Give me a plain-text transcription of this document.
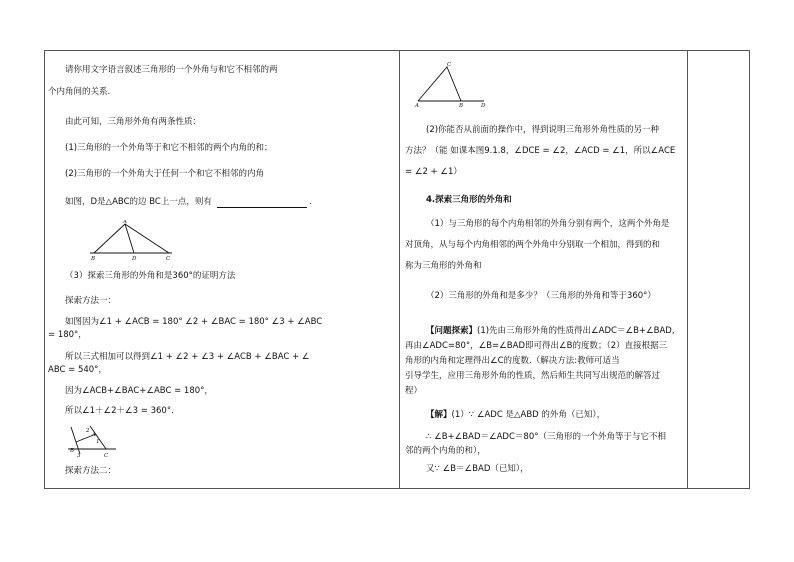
请你用文字语言叙述三角形的一个外角与和它不相邻的两
个内角间的关系.
由此可知，三角形外角有两条性质：
(1)三角形的一个外角等于和它不相邻的两个内角的和；
(2)三角形的一个外角大于任何一个和它不相邻的内角
如图，D是△ABC的边 BC上一点，则有	.
A
B	D	C
（3）探索三角形的外角和是360°的证明方法
探索方法一：
如图因为∠1 + ∠ACB = 180° ∠2 + ∠BAC = 180° ∠3 + ∠ABC
= 180°，
所以三式相加可以得到∠1 + ∠2 + ∠3 + ∠ACB + ∠BAC + ∠
ABC = 540°，
因为∠ACB+∠BAC+∠ABC = 180°，
所以∠1＋∠2＋∠3 = 360°.
2
A
1
B
3	C
探索方法二：
C
A	B	D
(2)你能否从前面的操作中，得到说明三角形外角性质的另一种
方法？（能 如课本图9.1.8，∠DCE = ∠2，∠ACD = ∠1，所以∠ACE
= ∠2 + ∠1）
4.探索三角形的外角和
（1）与三角形的每个内角相邻的外角分别有两个，这两个外角是
对顶角，从与每个内角相邻的两个外角中分别取一个相加，得到的和
称为三角形的外角和
（2）三角形的外角和是多少？（三角形的外角和等于360°）
【问题探索】(1)先由三角形外角的性质得出∠ADC＝∠B+∠BAD,
再由∠ADC=80°，∠B=∠BAD即可得出∠B的度数；（2）直接根据三
角形的内角和定理得出∠C的度数.（解决方法:教师可适当
引导学生，应用三角形外角的性质，然后师生共同写出规范的解答过
程）
【解】(1）∵ ∠ADC 是△ABD 的外角（已知），
∴ ∠B+∠BAD＝∠ADC＝80°（三角形的一个外角等于与它不相
邻的两个内角的和），
又∵ ∠B＝∠BAD（已知），
